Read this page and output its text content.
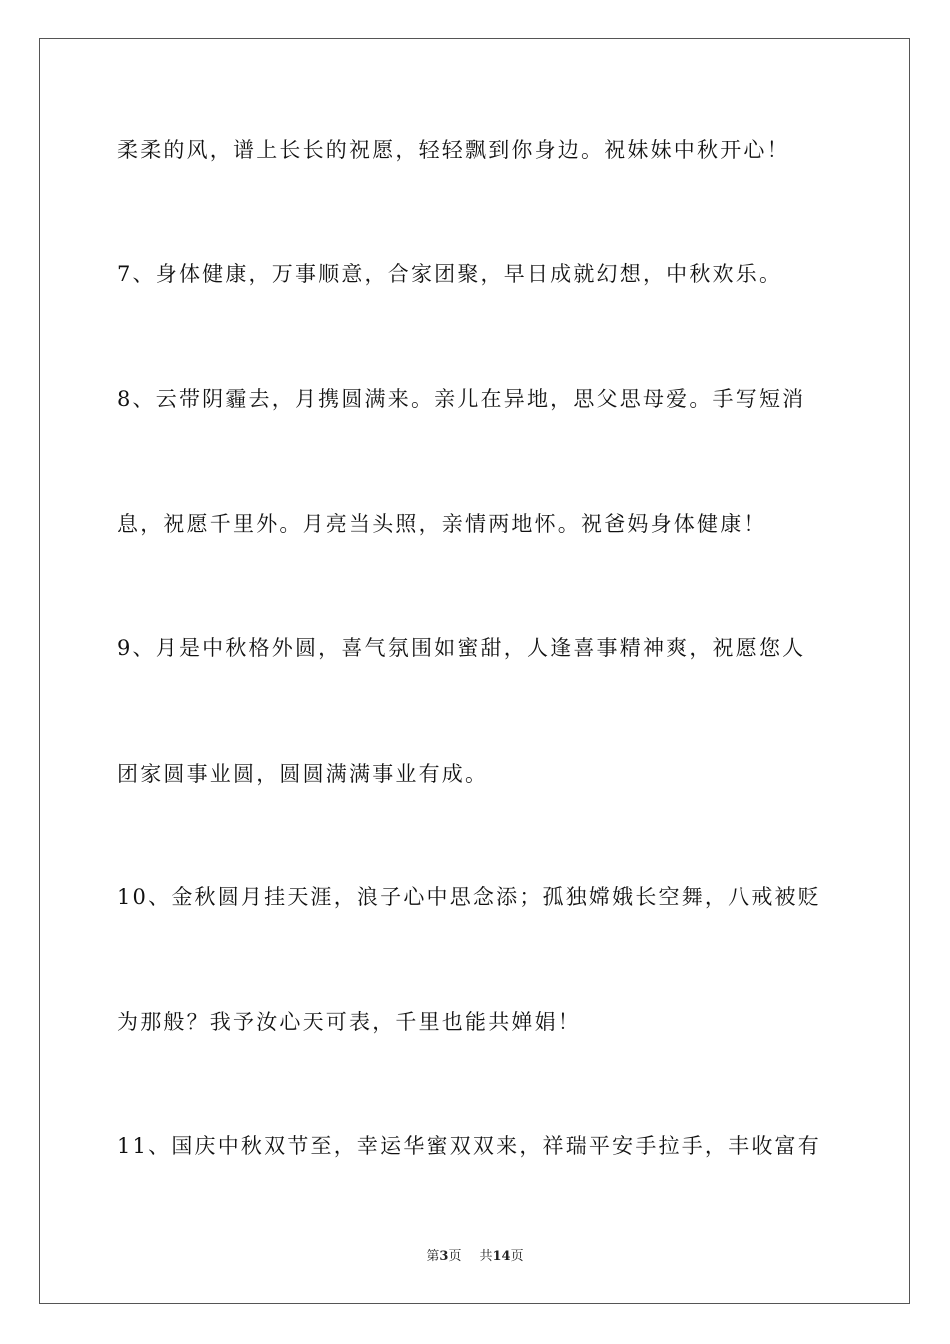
柔柔的风，谱上长长的祝愿，轻轻飘到你身边。祝妹妹中秋开心！
7、身体健康，万事顺意，合家团聚，早日成就幻想，中秋欢乐。
8、云带阴霾去，月携圆满来。亲儿在异地，思父思母爱。手写短消
息，祝愿千里外。月亮当头照，亲情两地怀。祝爸妈身体健康！
9、月是中秋格外圆，喜气氛围如蜜甜，人逢喜事精神爽，祝愿您人
团家圆事业圆，圆圆满满事业有成。
10、金秋圆月挂天涯，浪子心中思念添；孤独嫦娥长空舞，八戒被贬
为那般？我予汝心天可表，千里也能共婵娟！
11、国庆中秋双节至，幸运华蜜双双来，祥瑞平安手拉手，丰收富有
第3页 共14页
